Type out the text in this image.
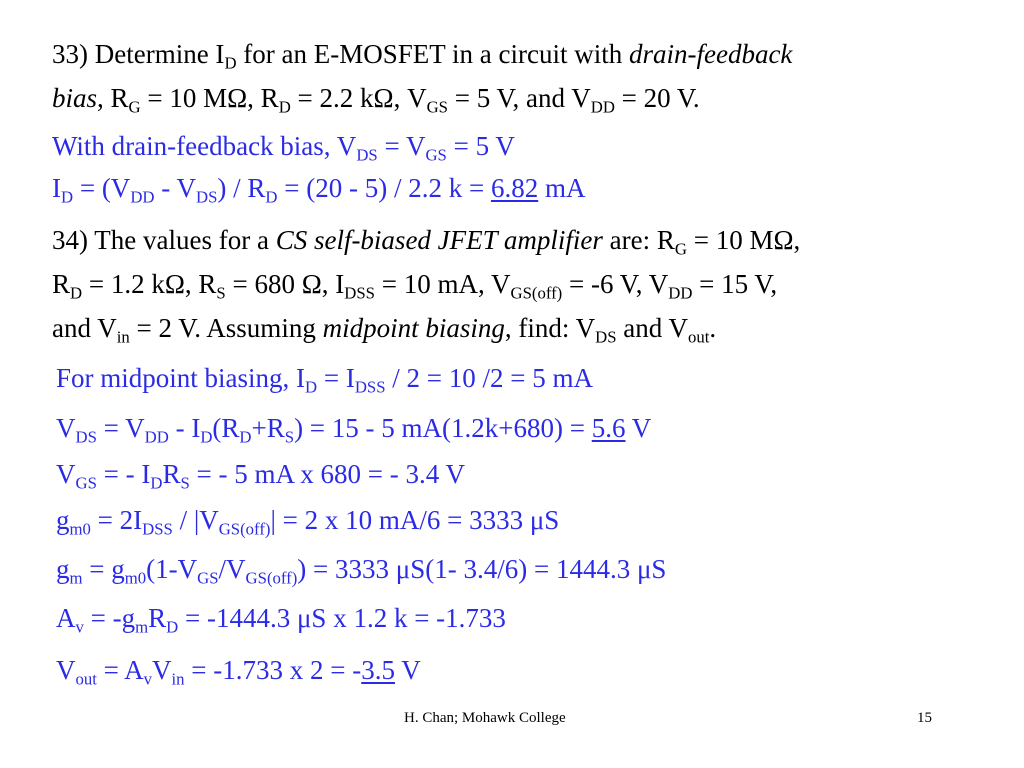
33) Determine $I_D$ for an E-MOSFET in a circuit with drain-feedback
bias, $R_G = 10$ MΩ, $R_D = 2.2$ kΩ, $V_{GS} = 5$ V, and $V_{DD} = 20$ V.
With drain-feedback bias, $V_{DS} = V_{GS} = 5$ V
$I_D = (V_{DD} - V_{DS}) / R_D = (20 - 5) / 2.2$ k = 6.82 mA
34) The values for a CS self-biased JFET amplifier are: $R_G = 10$ MΩ,
$R_D = 1.2$ kΩ, $R_S = 680$ Ω, $I_{DSS} = 10$ mA, $V_{GS(off)} = -6$ V, $V_{DD} = 15$ V,
and $V_{in} = 2$ V. Assuming midpoint biasing, find: $V_{DS}$ and $V_{out}$.
For midpoint biasing, $I_D = I_{DSS} / 2 = 10$ /2 = 5 mA
$V_{DS} = V_{DD} - I_D(R_D+R_S) = 15 - 5$ mA(1.2k+680) = 5.6 V
$V_{GS}$ = - $I_DR_S$ = - 5 mA x 680 = - 3.4 V
$g_{m0} = 2I_{DSS} / |V_{GS(off)}| = 2$ x 10 mA/6 = 3333 μS
$g_m = g_{m0}(1-V_{GS}/V_{GS(off)}) = 3333$ μS(1- 3.4/6) = 1444.3 μS
$A_v = -g_mR_D = -1444.3$ μS x 1.2 k = -1.733
$V_{out} = A_vV_{in} = -1.733$ x 2 = -3.5 V
H. Chan; Mohawk College	15
